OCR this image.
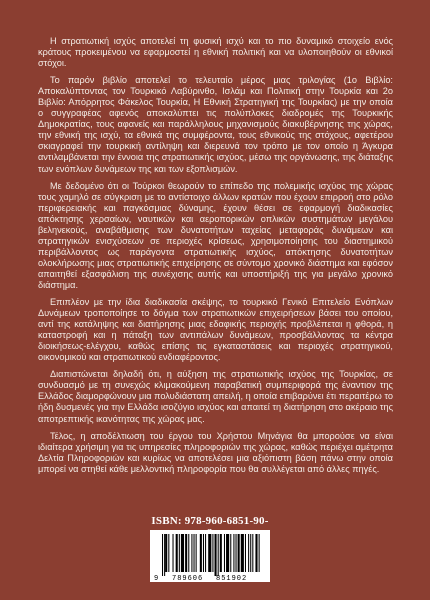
Η στρατιωτική ισχύς αποτελεί τη φυσική ισχύ και το πιο δυναμικό στοιχείο ενός κράτους προκειμένου να εφαρμοστεί η εθνική πολιτική και να υλοποιηθούν οι εθνικοί στόχοι.

Το παρόν βιβλίο αποτελεί το τελευταίο μέρος μιας τριλογίας (1ο Βιβλίο: Αποκαλύπτοντας τον Τουρκικό Λαβύρινθο, Ισλάμ και Πολιτική στην Τουρκία και 2ο Βιβλίο: Απόρρητος Φάκελος Τουρκία, Η Εθνική Στρατηγική της Τουρκίας) με την οποία ο συγγραφέας αφενός αποκαλύπτει τις πολύπλοκες διαδρομές της Τουρκικής Δημοκρατίας, τους αφανείς και παράλληλους μηχανισμούς διακυβέρνησης της χώρας, την εθνική της ισχύ, τα εθνικά της συμφέροντα, τους εθνικούς της στόχους, αφετέρου σκιαγραφεί την τουρκική αντίληψη και διερευνά τον τρόπο με τον οποίο η Άγκυρα αντιλαμβάνεται την έννοια της στρατιωτικής ισχύος, μέσω της οργάνωσης, της διάταξης των ενόπλων δυνάμεων της και των εξοπλισμών.

Με δεδομένο ότι οι Τούρκοι θεωρούν το επίπεδο της πολεμικής ισχύος της χώρας τους χαμηλό σε σύγκριση με το αντίστοιχο άλλων κρατών που έχουν επιρροή στο ρόλο περιφερειακής και παγκόσμιας δύναμης, έχουν θέσει σε εφαρμογή διαδικασίες απόκτησης χερσαίων, ναυτικών και αεροπορικών οπλικών συστημάτων μεγάλου βεληνεκούς, αναβάθμισης των δυνατοτήτων ταχείας μεταφοράς δυνάμεων και στρατηγικών ενισχύσεων σε περιοχές κρίσεως, χρησιμοποίησης του διαστημικού περιβάλλοντος ως παράγοντα στρατιωτικής ισχύος, απόκτησης δυνατοτήτων ολοκλήρωσης μιας στρατιωτικής επιχείρησης σε σύντομο χρονικό διάστημα και εφόσον απαιτηθεί εξασφάλιση της συνέχισης αυτής και υποστήριξή της για μεγάλο χρονικό διάστημα.

Επιπλέον με την ίδια διαδικασία σκέψης, το τουρκικό Γενικό Επιτελείο Ενόπλων Δυνάμεων τροποποίησε το δόγμα των στρατιωτικών επιχειρήσεων βάσει του οποίου, αντί της κατάληψης και διατήρησης μιας εδαφικής περιοχής προβλέπεται η φθορά, η καταστροφή και η πάταξη των αντιπάλων δυνάμεων, προσβάλλοντας τα κέντρα διοικήσεως-ελέγχου, καθώς επίσης τις εγκαταστάσεις και περιοχές στρατηγικού, οικονομικού και στρατιωτικού ενδιαφέροντος.

Διαπιστώνεται δηλαδή ότι, η αύξηση της στρατιωτικής ισχύος της Τουρκίας, σε συνδυασμό με τη συνεχώς κλιμακούμενη παραβατική συμπεριφορά της έναντιον της Ελλάδος διαμορφώνουν μια πολυδιάστατη απειλή, η οποία επιβαρύνει έτι περαιτέρω το ήδη δυσμενές για την Ελλάδα ισοζύγιο ισχύος και απαιτεί τη διατήρηση στο ακέραιο της αποτρεπτικής ικανότητας της χώρας μας.

Τέλος, η αποδέλτιωση του έργου του Χρήστου Μηνάγια θα μπορούσε να είναι ιδιαίτερα χρήσιμη για τις υπηρεσίες πληροφοριών της χώρας, καθώς περιέχει αμέτρητα Δελτία Πληροφοριών και κυρίως να αποτελέσει μια αξιόπιστη βάση πάνω στην οποία μπορεί να στηθεί κάθε μελλοντική πληροφορία που θα συλλέγεται από άλλες πηγές.

ISBN: 978-960-6851-90-
9 789606 851902
